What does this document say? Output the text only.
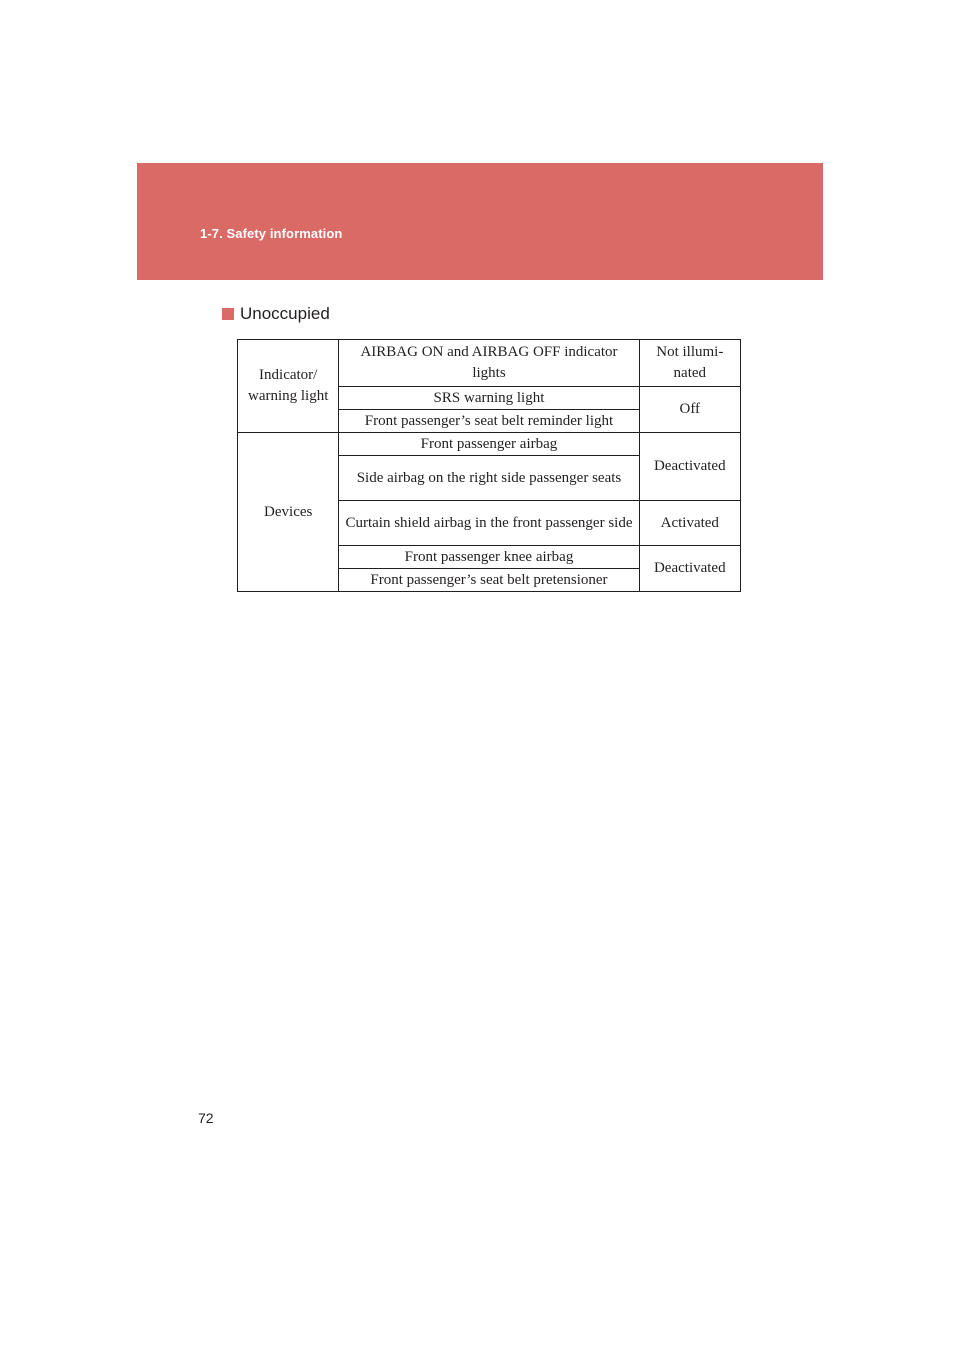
1-7. Safety information
Unoccupied
Indicator/ warning light	AIRBAG ON and AIRBAG OFF indicator lights	Not illumi-nated
	SRS warning light	Off
	Front passenger’s seat belt reminder light	
Devices	Front passenger airbag	Deactivated
	Side airbag on the right side passenger seats	
	Curtain shield airbag in the front passenger side	Activated
	Front passenger knee airbag	Deactivated
	Front passenger’s seat belt pretensioner	
72
